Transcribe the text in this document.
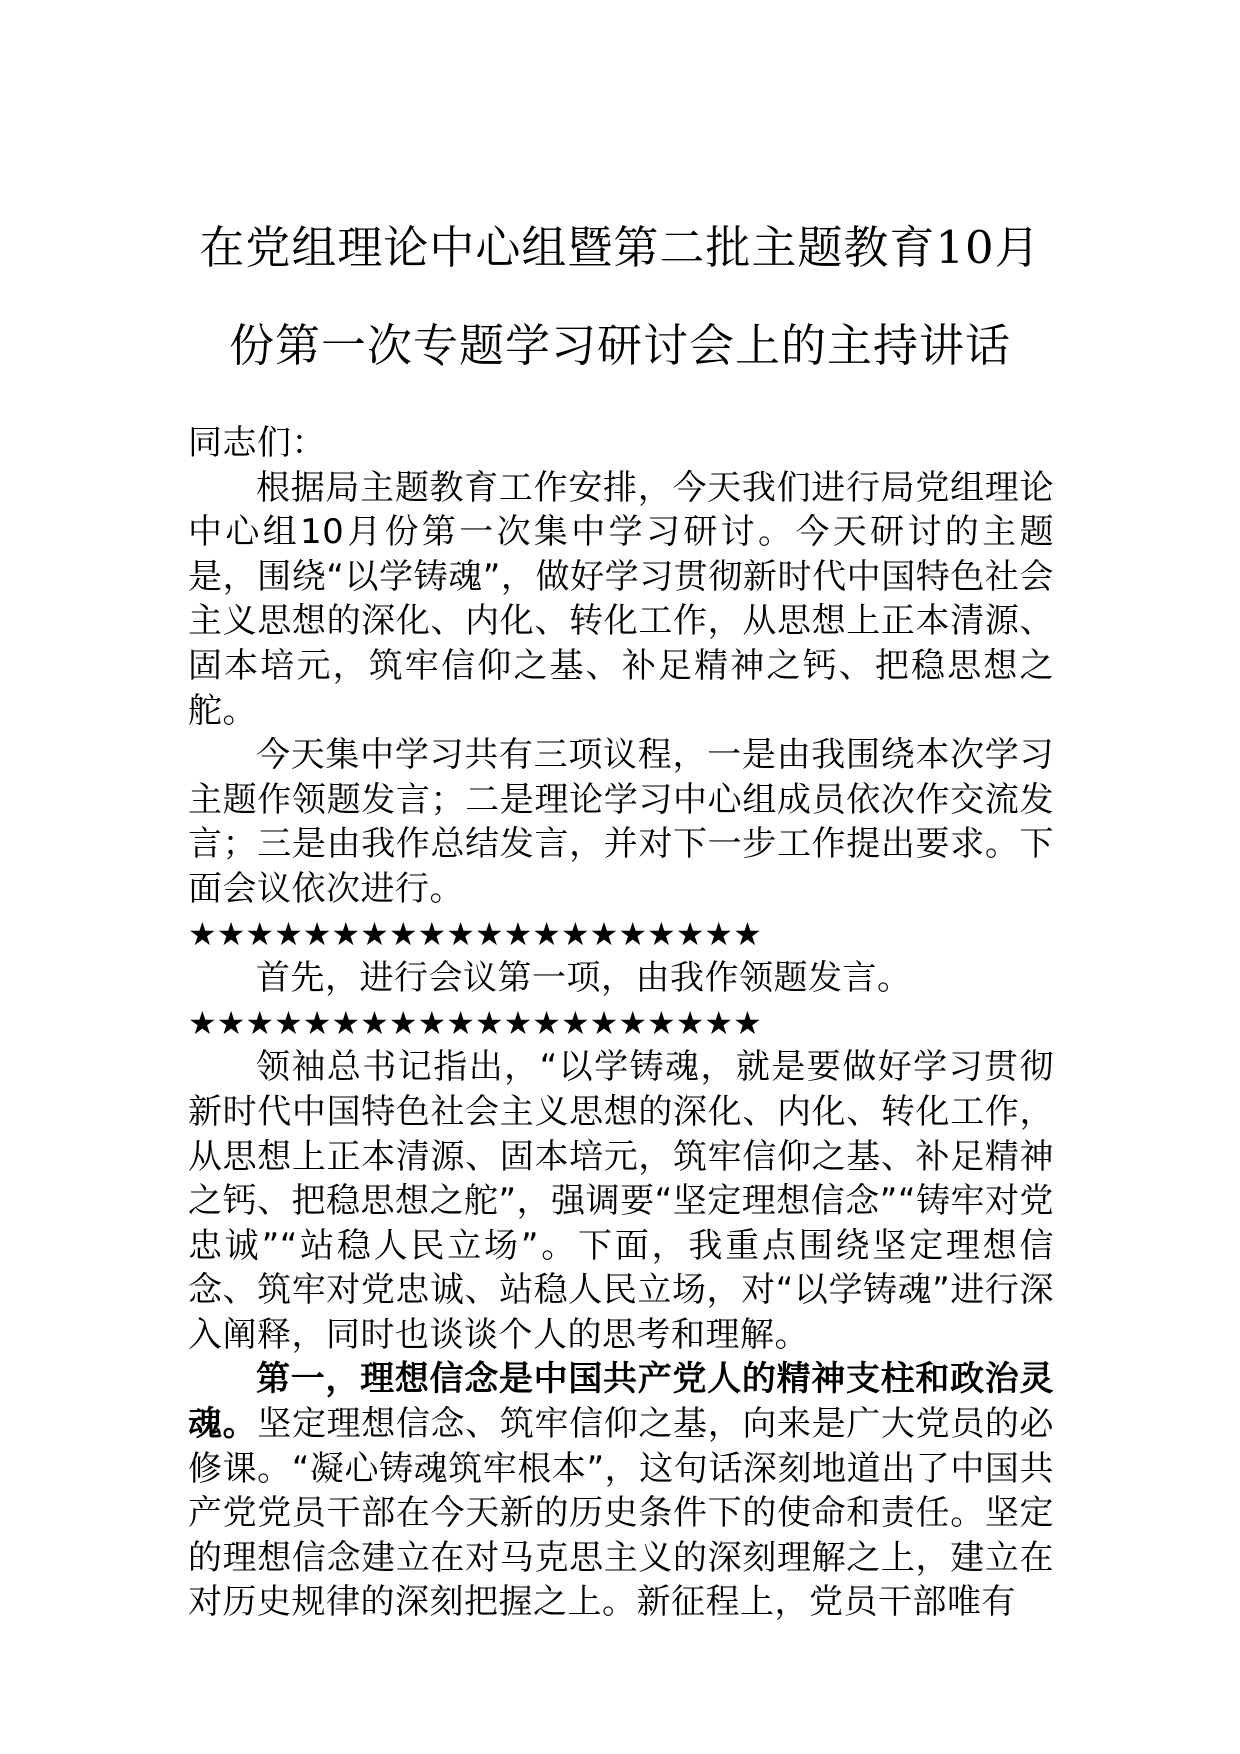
在党组理论中心组暨第二批主题教育10月
份第一次专题学习研讨会上的主持讲话

同志们：

根据局主题教育工作安排，今天我们进行局党组理论中心组10月份第一次集中学习研讨。今天研讨的主题是，围绕“以学铸魂”，做好学习贯彻新时代中国特色社会主义思想的深化、内化、转化工作，从思想上正本清源、固本培元，筑牢信仰之基、补足精神之钙、把稳思想之舵。

今天集中学习共有三项议程，一是由我围绕本次学习主题作领题发言；二是理论学习中心组成员依次作交流发言；三是由我作总结发言，并对下一步工作提出要求。下面会议依次进行。

★★★★★★★★★★★★★★★★★★★★

首先，进行会议第一项，由我作领题发言。

★★★★★★★★★★★★★★★★★★★★

领袖总书记指出，“以学铸魂，就是要做好学习贯彻新时代中国特色社会主义思想的深化、内化、转化工作，从思想上正本清源、固本培元，筑牢信仰之基、补足精神之钙、把稳思想之舵”，强调要“坚定理想信念”“铸牢对党忠诚”“站稳人民立场”。下面，我重点围绕坚定理想信念、筑牢对党忠诚、站稳人民立场，对“以学铸魂”进行深入阐释，同时也谈谈个人的思考和理解。

第一，理想信念是中国共产党人的精神支柱和政治灵魂。坚定理想信念、筑牢信仰之基，向来是广大党员的必修课。“凝心铸魂筑牢根本”，这句话深刻地道出了中国共产党党员干部在今天新的历史条件下的使命和责任。坚定的理想信念建立在对马克思主义的深刻理解之上，建立在对历史规律的深刻把握之上。新征程上，党员干部唯有
